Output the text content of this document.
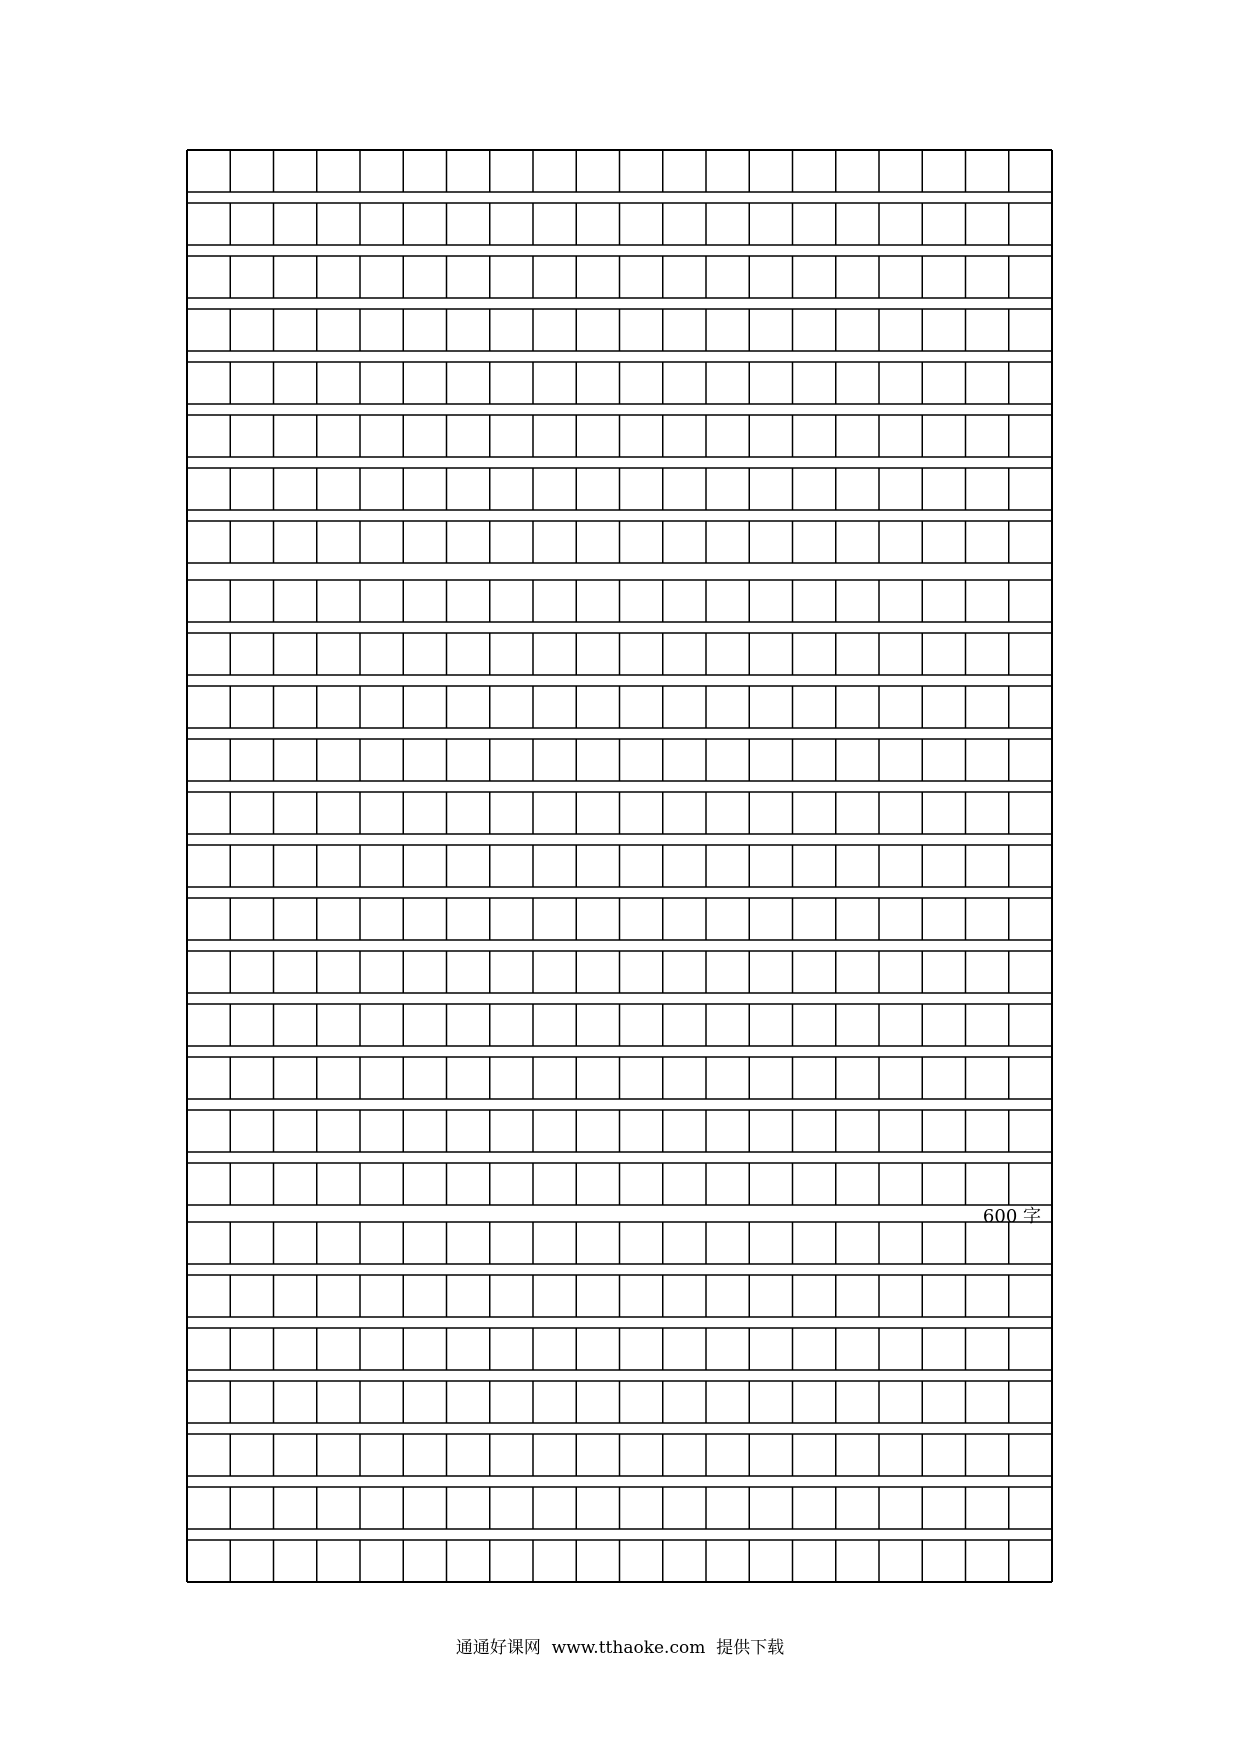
600 字
通通好课网  www.tthaoke.com  提供下载
